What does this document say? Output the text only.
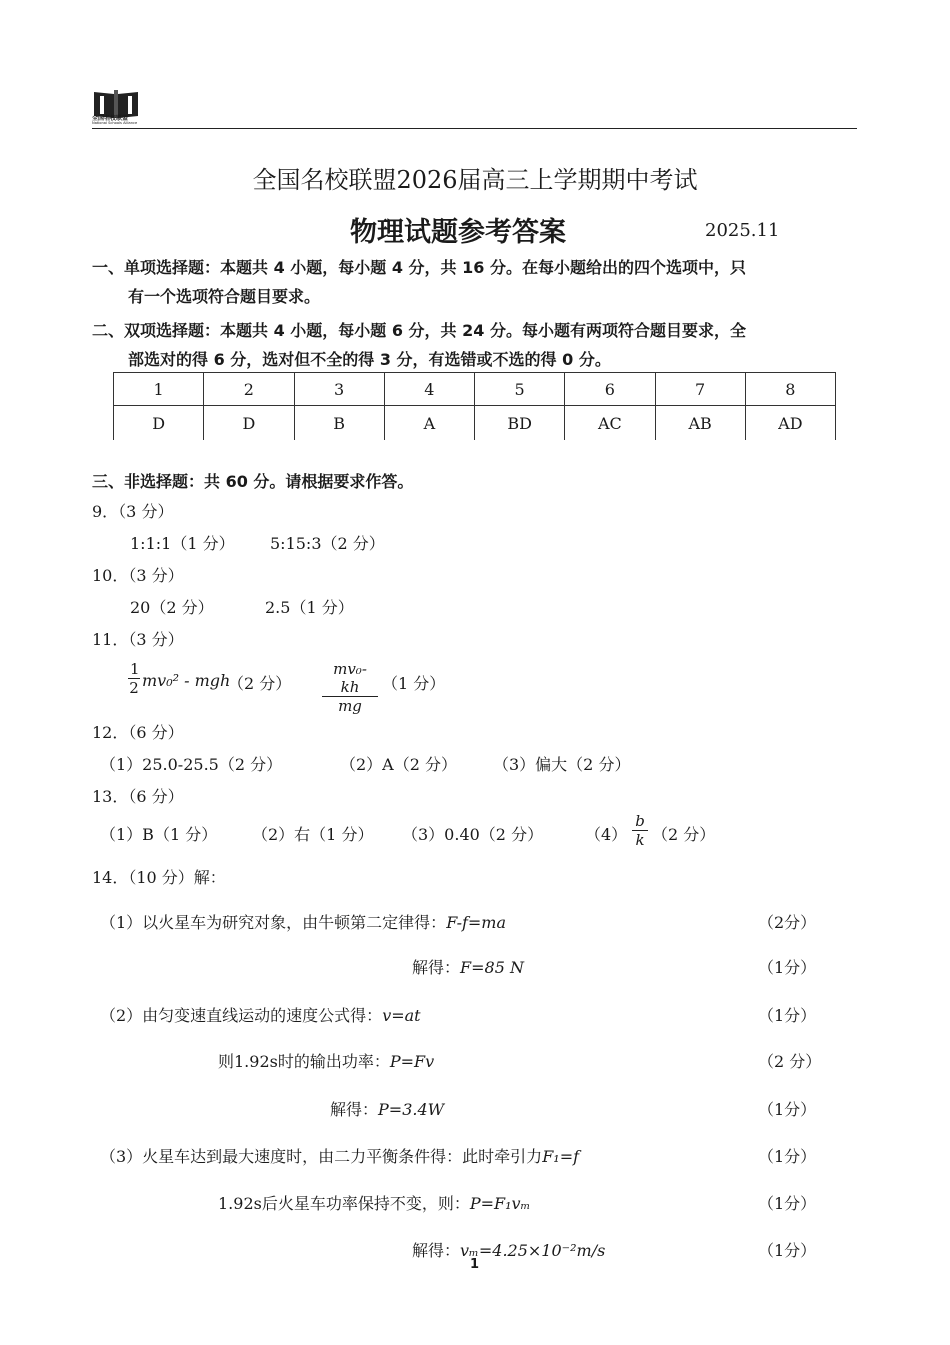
全国名校联盟
National Schools Alliance
全国名校联盟2026届高三上学期期中考试
物理试题参考答案	2025.11
一、单项选择题：本题共 4 小题，每小题 4 分，共 16 分。在每小题给出的四个选项中，只
有一个选项符合题目要求。
二、双项选择题：本题共 4 小题，每小题 6 分，共 24 分。每小题有两项符合题目要求，全
部选对的得 6 分，选对但不全的得 3 分，有选错或不选的得 0 分。
1	2	3	4	5	6	7	8
D	D	B	A	BD	AC	AB	AD
三、非选择题：共 60 分。请根据要求作答。
9．（3 分）
1:1:1（1 分） 5:15:3（2 分）
10．（3 分）
20（2 分）	2.5（1 分）
11．（3 分）
$\frac{1}{2} mv_0^2$ - mgh
（2 分） $\frac{\text{mv₀-kh}}{mg} (1$ 分）
12．（6 分）
（1）25.0-25.5（2 分）	（2）A（2 分） （3）偏大（2 分）
13．（6 分）
（1）B（1 分） （2）右（1 分） （3）0.40（2 分）	$(4) \frac{b}{k} (2$ 分）
14．（10 分）解：
（1）以火星车为研究对象，由牛顿第二定律得：F-f=ma	（2分）
解得：F=85 N	（1分）
（2）由匀变速直线运动的速度公式得：v=at	（1分）
则1.92s时的输出功率：P=Fv	（2 分）
解得：P=3.4W	（1分）
（3）火星车达到最大速度时，由二力平衡条件得：此时牵引力F₁=f	（1分）
1.92s后火星车功率保持不变，则：P=F₁vₘ	（1分）
解得：vₘ=4.25×10⁻²m/s	（1分）
1
